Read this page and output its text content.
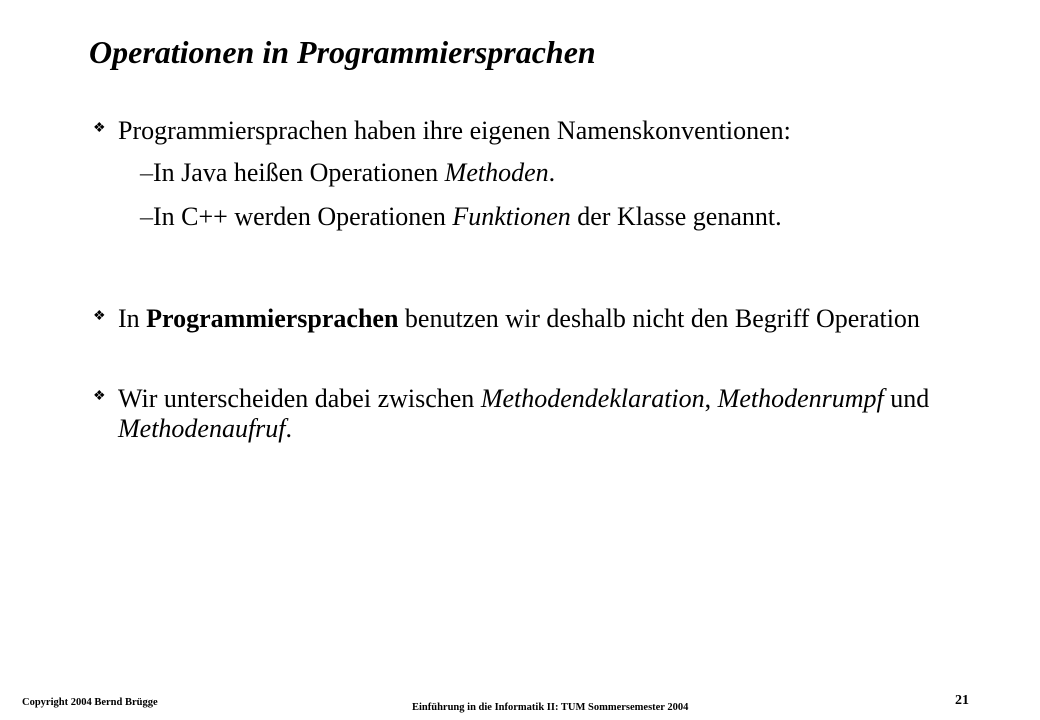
Operationen in Programmiersprachen
❖ Programmiersprachen haben ihre eigenen Namenskonventionen:
–In Java heißen Operationen Methoden.
–In C++ werden Operationen Funktionen der Klasse genannt.
❖ In Programmiersprachen benutzen wir deshalb nicht den Begriff Operation
❖ Wir unterscheiden dabei zwischen Methodendeklaration, Methodenrumpf und Methodenaufruf.
Copyright 2004 Bernd Brügge	Einführung in die Informatik II: TUM Sommersemester 2004	21
